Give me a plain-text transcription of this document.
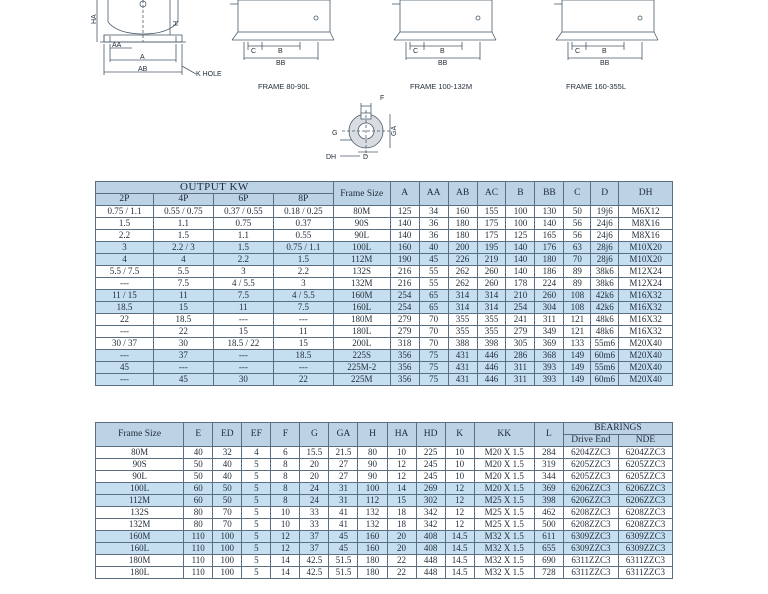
HA	H
AA
A
AB
K HOLE
C	B
BB
FRAME 80-90L
C	B
BB
FRAME 100-132M
C	B
BB
FRAME 160-355L
F
G	GA
D
DH
OUTPUT KW				Frame Size	A	AA	AB	AC	B	BB	C	D	DH
2P	4P	6P	8P										
0.75 / 1.1	0.55 / 0.75	0.37 / 0.55	0.18 / 0.25	80M	125	34	160	155	100	130	50	19j6	M6X12
1.5	1.1	0.75	0.37	90S	140	36	180	175	100	140	56	24j6	M8X16
2.2	1.5	1.1	0.55	90L	140	36	180	175	125	165	56	24j6	M8X16
3	2.2 / 3	1.5	0.75 / 1.1	100L	160	40	200	195	140	176	63	28j6	M10X20
4	4	2.2	1.5	112M	190	45	226	219	140	180	70	28j6	M10X20
5.5 / 7.5	5.5	3	2.2	132S	216	55	262	260	140	186	89	38k6	M12X24
---	7.5	4 / 5.5	3	132M	216	55	262	260	178	224	89	38k6	M12X24
11 / 15	11	7.5	4 / 5.5	160M	254	65	314	314	210	260	108	42k6	M16X32
18.5	15	11	7.5	160L	254	65	314	314	254	304	108	42k6	M16X32
22	18.5	---	---	180M	279	70	355	355	241	311	121	48k6	M16X32
---	22	15	11	180L	279	70	355	355	279	349	121	48k6	M16X32
30 / 37	30	18.5 / 22	15	200L	318	70	388	398	305	369	133	55m6	M20X40
---	37	---	18.5	225S	356	75	431	446	286	368	149	60m6	M20X40
45	---	---	---	225M-2	356	75	431	446	311	393	149	55m6	M20X40
---	45	30	22	225M	356	75	431	446	311	393	149	60m6	M20X40
Frame Size	E	ED	EF	F	G	GA	H	HA	HD	K	KK	L	BEARINGS	
													Drive End	NDE
80M	40	32	4	6	15.5	21.5	80	10	225	10	M20 X 1.5	284	6204ZZC3	6204ZZC3
90S	50	40	5	8	20	27	90	12	245	10	M20 X 1.5	319	6205ZZC3	6205ZZC3
90L	50	40	5	8	20	27	90	12	245	10	M20 X 1.5	344	6205ZZC3	6205ZZC3
100L	60	50	5	8	24	31	100	14	269	12	M20 X 1.5	369	6206ZZC3	6206ZZC3
112M	60	50	5	8	24	31	112	15	302	12	M25 X 1.5	398	6206ZZC3	6206ZZC3
132S	80	70	5	10	33	41	132	18	342	12	M25 X 1.5	462	6208ZZC3	6208ZZC3
132M	80	70	5	10	33	41	132	18	342	12	M25 X 1.5	500	6208ZZC3	6208ZZC3
160M	110	100	5	12	37	45	160	20	408	14.5	M32 X 1.5	611	6309ZZC3	6309ZZC3
160L	110	100	5	12	37	45	160	20	408	14.5	M32 X 1.5	655	6309ZZC3	6309ZZC3
180M	110	100	5	14	42.5	51.5	180	22	448	14.5	M32 X 1.5	690	6311ZZC3	6311ZZC3
180L	110	100	5	14	42.5	51.5	180	22	448	14.5	M32 X 1.5	728	6311ZZC3	6311ZZC3
